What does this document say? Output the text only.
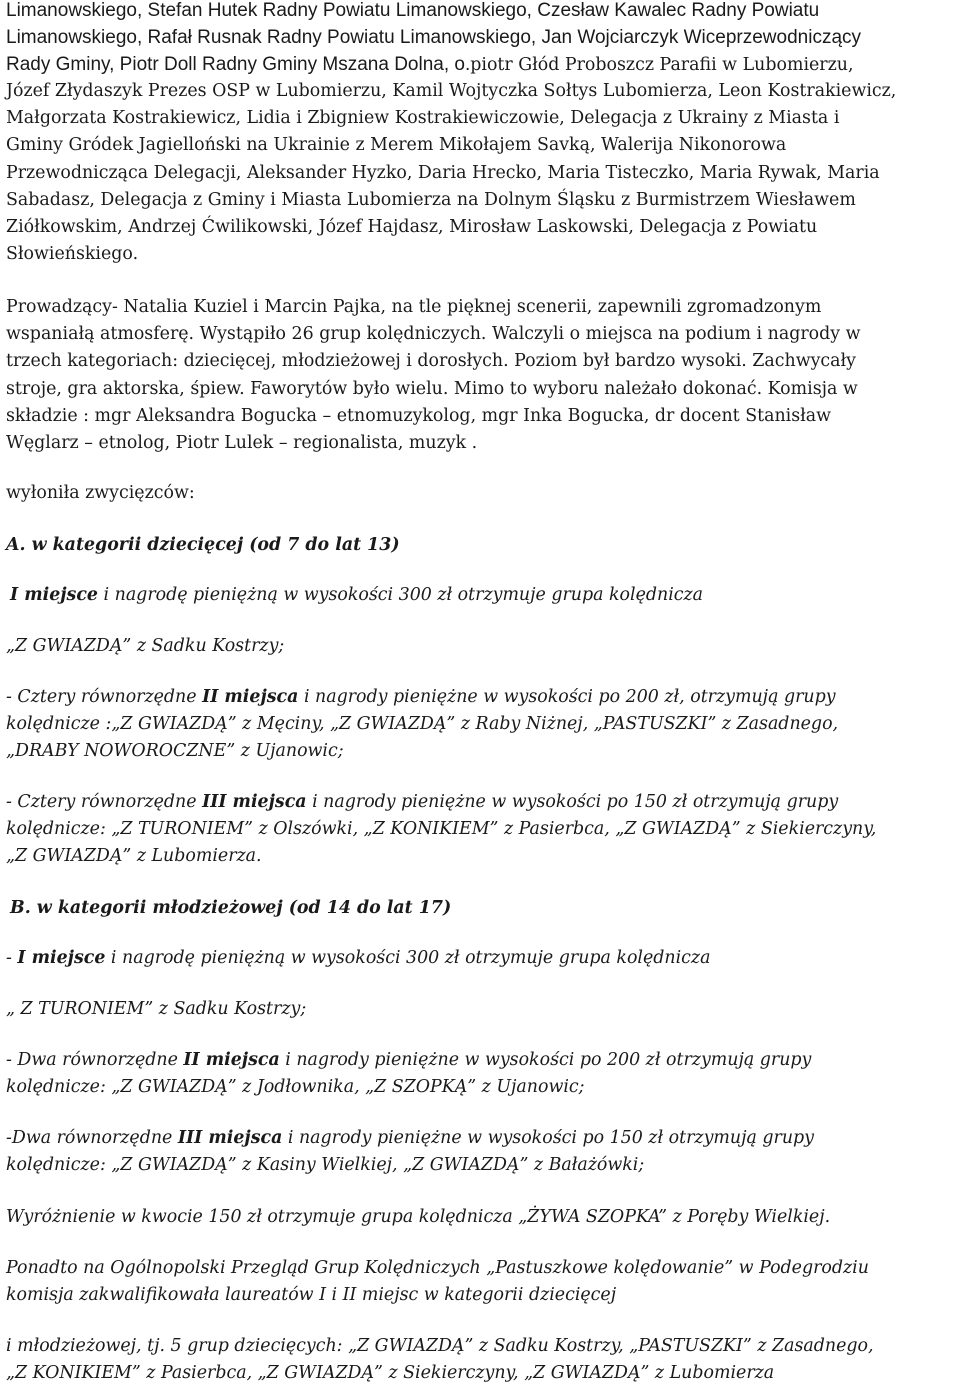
Limanowskiego, Stefan Hutek Radny Powiatu Limanowskiego, Czesław Kawalec Radny Powiatu
Limanowskiego, Rafał Rusnak Radny Powiatu Limanowskiego, Jan Wojciarczyk Wiceprzewodniczący
Rady Gminy, Piotr Doll Radny Gminy Mszana Dolna, o.piotr Głód Proboszcz Parafii w Lubomierzu,
Józef Złydaszyk Prezes OSP w Lubomierzu, Kamil Wojtyczka Sołtys Lubomierza, Leon Kostrakiewicz,
Małgorzata Kostrakiewicz, Lidia i Zbigniew Kostrakiewiczowie, Delegacja z Ukrainy z Miasta i
Gminy Gródek Jagielloński na Ukrainie z Merem Mikołajem Savką, Walerija Nikonorowa
Przewodnicząca Delegacji, Aleksander Hyzko, Daria Hrecko, Maria Tisteczko, Maria Rywak, Maria
Sabadasz, Delegacja z Gminy i Miasta Lubomierza na Dolnym Śląsku z Burmistrzem Wiesławem
Ziółkowskim, Andrzej Ćwilikowski, Józef Hajdasz, Mirosław Laskowski, Delegacja z Powiatu
Słowieńskiego.
Prowadzący- Natalia Kuziel i Marcin Pajka, na tle pięknej scenerii, zapewnili zgromadzonym
wspaniałą atmosferę. Wystąpiło 26 grup kolędniczych. Walczyli o miejsca na podium i nagrody w
trzech kategoriach: dziecięcej, młodzieżowej i dorosłych. Poziom był bardzo wysoki. Zachwycały
stroje, gra aktorska, śpiew. Faworytów było wielu. Mimo to wyboru należało dokonać. Komisja w
składzie : mgr Aleksandra Bogucka – etnomuzykolog, mgr Inka Bogucka, dr docent Stanisław
Węglarz – etnolog, Piotr Lulek – regionalista, muzyk .
wyłoniła zwycięzców:
A. w kategorii dziecięcej (od 7 do lat 13)
I miejsce i nagrodę pieniężną w wysokości 300 zł otrzymuje grupa kolędnicza
„Z GWIAZDĄ” z Sadku Kostrzy;
- Cztery równorzędne II miejsca i nagrody pieniężne w wysokości po 200 zł, otrzymują grupy
kolędnicze :„Z GWIAZDĄ” z Męciny, „Z GWIAZDĄ” z Raby Niżnej, „PASTUSZKI” z Zasadnego,
„DRABY NOWOROCZNE” z Ujanowic;
- Cztery równorzędne III miejsca i nagrody pieniężne w wysokości po 150 zł otrzymują grupy
kolędnicze: „Z TURONIEM” z Olszówki, „Z KONIKIEM” z Pasierbca, „Z GWIAZDĄ” z Siekierczyny,
„Z GWIAZDĄ” z Lubomierza.
B. w kategorii młodzieżowej (od 14 do lat 17)
- I miejsce i nagrodę pieniężną w wysokości 300 zł otrzymuje grupa kolędnicza
„ Z TURONIEM” z Sadku Kostrzy;
- Dwa równorzędne II miejsca i nagrody pieniężne w wysokości po 200 zł otrzymują grupy
kolędnicze: „Z GWIAZDĄ” z Jodłownika, „Z SZOPKĄ” z Ujanowic;
-Dwa równorzędne III miejsca i nagrody pieniężne w wysokości po 150 zł otrzymują grupy
kolędnicze: „Z GWIAZDĄ” z Kasiny Wielkiej, „Z GWIAZDĄ” z Bałażówki;
Wyróżnienie w kwocie 150 zł otrzymuje grupa kolędnicza „ŻYWA SZOPKA” z Poręby Wielkiej.
Ponadto na Ogólnopolski Przegląd Grup Kolędniczych „Pastuszkowe kolędowanie” w Podegrodziu
komisja zakwalifikowała laureatów I i II miejsc w kategorii dziecięcej
i młodzieżowej, tj. 5 grup dziecięcych: „Z GWIAZDĄ” z Sadku Kostrzy, „PASTUSZKI” z Zasadnego,
„Z KONIKIEM” z Pasierbca, „Z GWIAZDĄ” z Siekierczyny, „Z GWIAZDĄ” z Lubomierza
